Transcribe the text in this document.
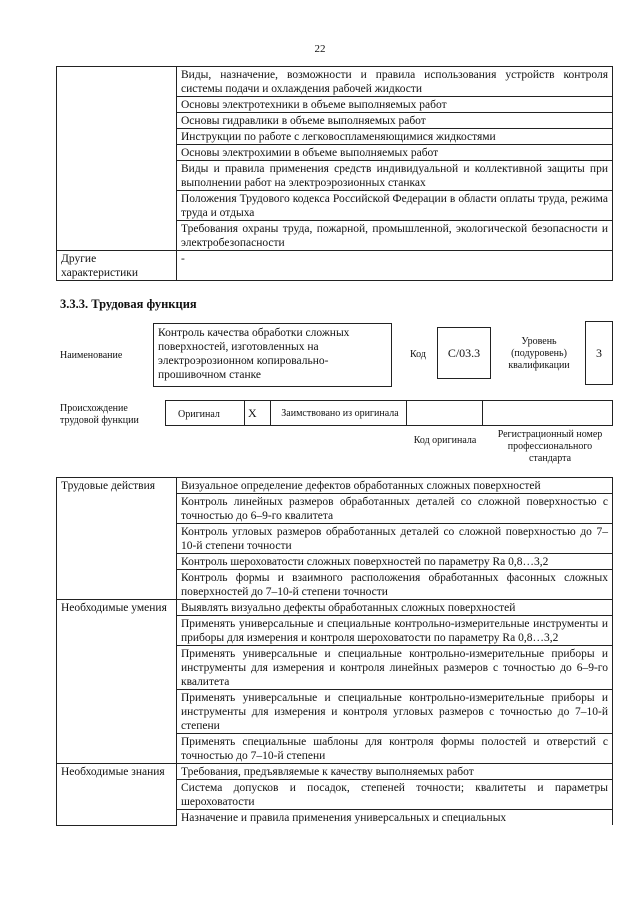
22
	Виды, назначение, возможности и правила использования устройств контроля системы подачи и охлаждения рабочей жидкости
	Основы электротехники в объеме выполняемых работ
	Основы гидравлики в объеме выполняемых работ
	Инструкции по работе с легковоспламеняющимися жидкостями
	Основы электрохимии в объеме выполняемых работ
	Виды и правила применения средств индивидуальной и коллективной защиты при выполнении работ на электроэрозионных станках
	Положения Трудового кодекса Российской Федерации в области оплаты труда, режима труда и отдыха
	Требования охраны труда, пожарной, промышленной, экологической безопасности и электробезопасности
Другие характеристики	-
3.3.3. Трудовая функция
Наименование
Контроль качества обработки сложных поверхностей, изготовленных на электроэрозионном копировально-прошивочном станке
Код	C/03.3
Уровень (подуровень) квалификации
3
Происхождение трудовой функции
Оригинал X	Заимствовано из оригинала
Код оригинала
Регистрационный номер профессионального стандарта
Трудовые действия	Визуальное определение дефектов обработанных сложных поверхностей
	Контроль линейных размеров обработанных деталей со сложной поверхностью с точностью до 6–9-го квалитета
	Контроль угловых размеров обработанных деталей со сложной поверхностью до 7–10-й степени точности
	Контроль шероховатости сложных поверхностей по параметру Ra 0,8…3,2
	Контроль формы и взаимного расположения обработанных фасонных сложных поверхностей до 7–10-й степени точности
Необходимые умения	Выявлять визуально дефекты обработанных сложных поверхностей
	Применять универсальные и специальные контрольно-измерительные инструменты и приборы для измерения и контроля шероховатости по параметру Ra 0,8…3,2
	Применять универсальные и специальные контрольно-измерительные приборы и инструменты для измерения и контроля линейных размеров с точностью до 6–9-го квалитета
	Применять универсальные и специальные контрольно-измерительные приборы и инструменты для измерения и контроля угловых размеров с точностью до 7–10-й степени
	Применять специальные шаблоны для контроля формы полостей и отверстий с точностью до 7–10-й степени
Необходимые знания	Требования, предъявляемые к качеству выполняемых работ
	Система допусков и посадок, степеней точности; квалитеты и параметры шероховатости
	Назначение и правила применения универсальных и специальных
